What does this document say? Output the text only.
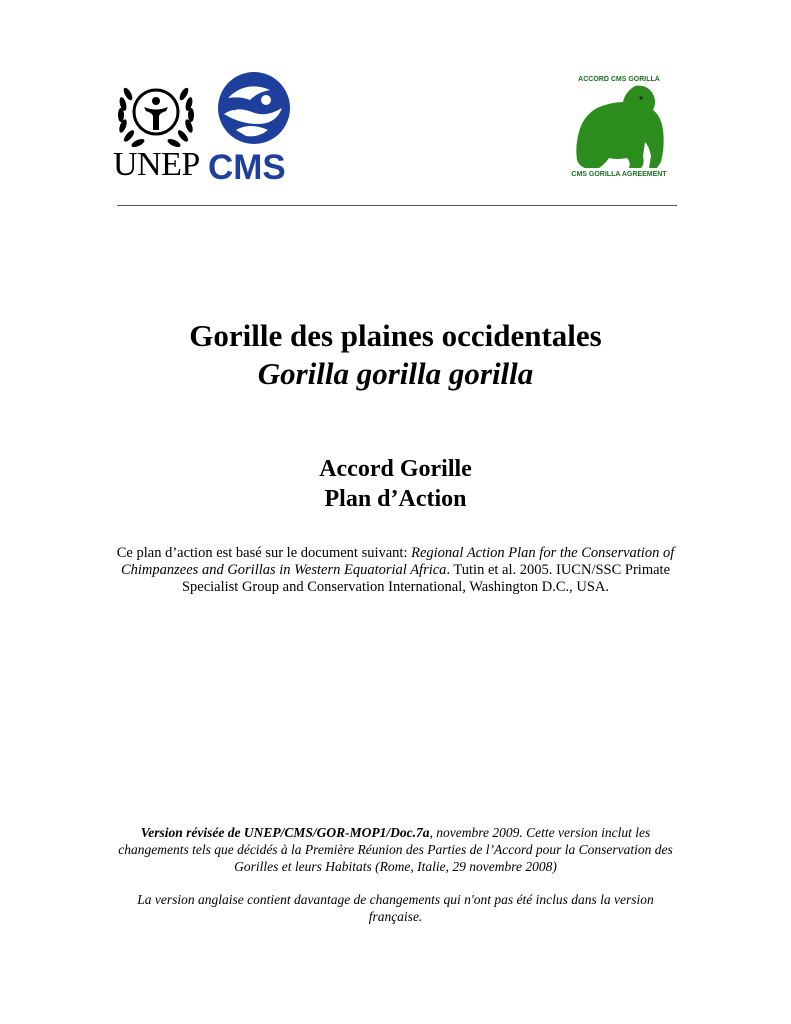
UNEP CMS
ACCORD CMS GORILLA
CMS GORILLA AGREEMENT
Gorille des plaines occidentales
Gorilla gorilla gorilla
Accord Gorille
Plan d’Action
Ce plan d’action est basé sur le document suivant: Regional Action Plan for the Conservation of Chimpanzees and Gorillas in Western Equatorial Africa. Tutin et al. 2005. IUCN/SSC Primate Specialist Group and Conservation International, Washington D.C., USA.
Version révisée de UNEP/CMS/GOR-MOP1/Doc.7a, novembre 2009. Cette version inclut les changements tels que décidés à la Première Réunion des Parties de l’Accord pour la Conservation des Gorilles et leurs Habitats (Rome, Italie, 29 novembre 2008)
La version anglaise contient davantage de changements qui n'ont pas été inclus dans la version française.
